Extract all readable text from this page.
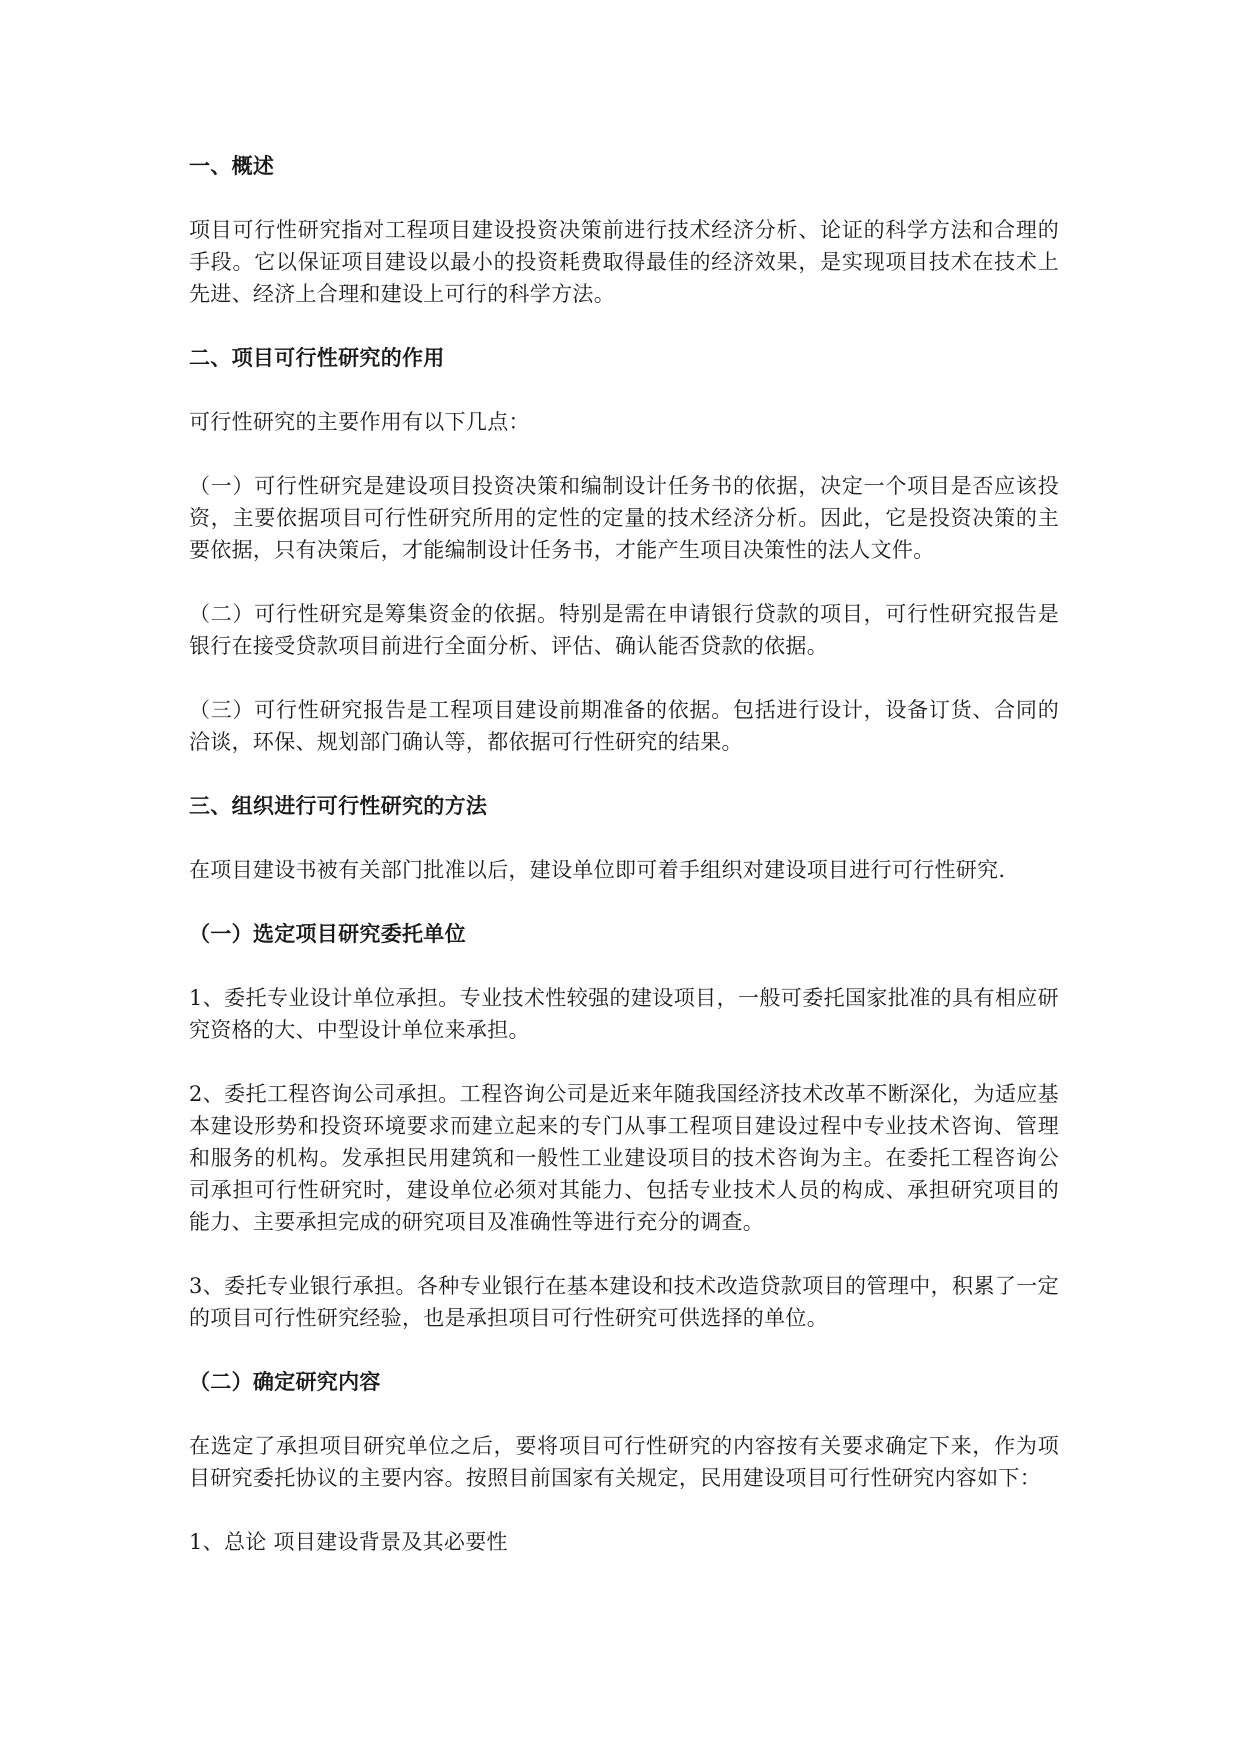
一、概述

项目可行性研究指对工程项目建设投资决策前进行技术经济分析、论证的科学方法和合理的手段。它以保证项目建设以最小的投资耗费取得最佳的经济效果，是实现项目技术在技术上先进、经济上合理和建设上可行的科学方法。

二、项目可行性研究的作用

可行性研究的主要作用有以下几点：

（一）可行性研究是建设项目投资决策和编制设计任务书的依据，决定一个项目是否应该投资，主要依据项目可行性研究所用的定性的定量的技术经济分析。因此，它是投资决策的主要依据，只有决策后，才能编制设计任务书，才能产生项目决策性的法人文件。

（二）可行性研究是筹集资金的依据。特别是需在申请银行贷款的项目，可行性研究报告是银行在接受贷款项目前进行全面分析、评估、确认能否贷款的依据。

（三）可行性研究报告是工程项目建设前期准备的依据。包括进行设计，设备订货、合同的洽谈，环保、规划部门确认等，都依据可行性研究的结果。

三、组织进行可行性研究的方法

在项目建设书被有关部门批准以后，建设单位即可着手组织对建设项目进行可行性研究.

（一）选定项目研究委托单位

1、委托专业设计单位承担。专业技术性较强的建设项目，一般可委托国家批准的具有相应研究资格的大、中型设计单位来承担。

2、委托工程咨询公司承担。工程咨询公司是近来年随我国经济技术改革不断深化，为适应基本建设形势和投资环境要求而建立起来的专门从事工程项目建设过程中专业技术咨询、管理和服务的机构。发承担民用建筑和一般性工业建设项目的技术咨询为主。在委托工程咨询公司承担可行性研究时，建设单位必须对其能力、包括专业技术人员的构成、承担研究项目的能力、主要承担完成的研究项目及准确性等进行充分的调查。

3、委托专业银行承担。各种专业银行在基本建设和技术改造贷款项目的管理中，积累了一定的项目可行性研究经验，也是承担项目可行性研究可供选择的单位。

（二）确定研究内容

在选定了承担项目研究单位之后，要将项目可行性研究的内容按有关要求确定下来，作为项目研究委托协议的主要内容。按照目前国家有关规定，民用建设项目可行性研究内容如下：

1、总论 项目建设背景及其必要性
